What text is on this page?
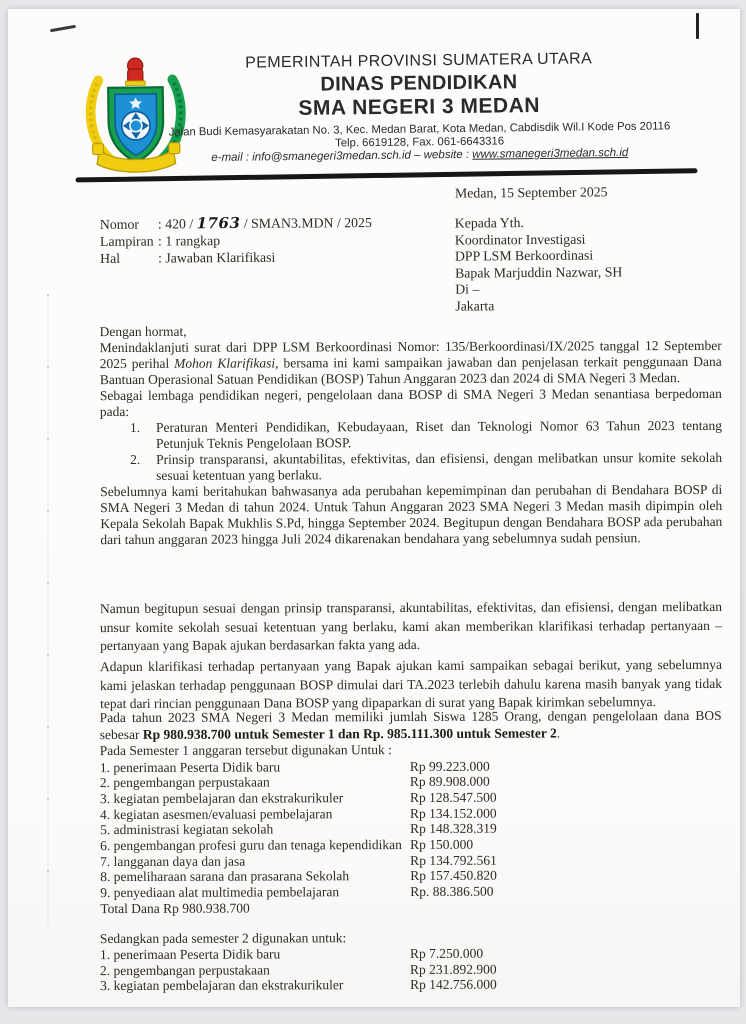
PEMERINTAH PROVINSI SUMATERA UTARA
DINAS PENDIDIKAN
SMA NEGERI 3 MEDAN
Jalan Budi Kemasyarakatan No. 3, Kec. Medan Barat, Kota Medan, Cabdisdik Wil.I Kode Pos 20116
Telp. 6619128, Fax. 061-6643316
e-mail : info@smanegeri3medan.sch.id – website : www.smanegeri3medan.sch.id
Medan, 15 September 2025
Nomor	: 420 / 1763 / SMAN3.MDN / 2025
Lampiran : 1 rangkap
Hal	: Jawaban Klarifikasi
Kepada Yth.
Koordinator Investigasi
DPP LSM Berkoordinasi
Bapak Marjuddin Nazwar, SH
Di –
Jakarta

Dengan hormat,

Menindaklanjuti surat dari DPP LSM Berkoordinasi Nomor: 135/Berkoordinasi/IX/2025 tanggal 12 September 2025 perihal Mohon Klarifikasi, bersama ini kami sampaikan jawaban dan penjelasan terkait penggunaan Dana Bantuan Operasional Satuan Pendidikan (BOSP) Tahun Anggaran 2023 dan 2024 di SMA Negeri 3 Medan.

Sebagai lembaga pendidikan negeri, pengelolaan dana BOSP di SMA Negeri 3 Medan senantiasa berpedoman pada:

1.	Peraturan Menteri Pendidikan, Kebudayaan, Riset dan Teknologi Nomor 63 Tahun 2023 tentang Petunjuk Teknis Pengelolaan BOSP.
2.	Prinsip transparansi, akuntabilitas, efektivitas, dan efisiensi, dengan melibatkan unsur komite sekolah sesuai ketentuan yang berlaku.

Sebelumnya kami beritahukan bahwasanya ada perubahan kepemimpinan dan perubahan di Bendahara BOSP di SMA Negeri 3 Medan di tahun 2024. Untuk Tahun Anggaran 2023 SMA Negeri 3 Medan masih dipimpin oleh Kepala Sekolah Bapak Mukhlis S.Pd, hingga September 2024. Begitupun dengan Bendahara BOSP ada perubahan dari tahun anggaran 2023 hingga Juli 2024 dikarenakan bendahara yang sebelumnya sudah pensiun.

Namun begitupun sesuai dengan prinsip transparansi, akuntabilitas, efektivitas, dan efisiensi, dengan melibatkan unsur komite sekolah sesuai ketentuan yang berlaku, kami akan memberikan klarifikasi terhadap pertanyaan – pertanyaan yang Bapak ajukan berdasarkan fakta yang ada.

Adapun klarifikasi terhadap pertanyaan yang Bapak ajukan kami sampaikan sebagai berikut, yang sebelumnya kami jelaskan terhadap penggunaan BOSP dimulai dari TA.2023 terlebih dahulu karena masih banyak yang tidak tepat dari rincian penggunaan Dana BOSP yang dipaparkan di surat yang Bapak kirimkan sebelumnya.

Pada tahun 2023 SMA Negeri 3 Medan memiliki jumlah Siswa 1285 Orang, dengan pengelolaan dana BOS sebesar Rp 980.938.700 untuk Semester 1 dan Rp. 985.111.300 untuk Semester 2.

Pada Semester 1 anggaran tersebut digunakan Untuk :

1. penerimaan Peserta Didik baru	Rp 99.223.000
2. pengembangan perpustakaan	Rp 89.908.000
3. kegiatan pembelajaran dan ekstrakurikuler	Rp 128.547.500
4. kegiatan asesmen/evaluasi pembelajaran	Rp 134.152.000
5. administrasi kegiatan sekolah	Rp 148.328.319
6. pengembangan profesi guru dan tenaga kependidikan Rp 150.000
7. langganan daya dan jasa	Rp 134.792.561
8. pemeliharaan sarana dan prasarana Sekolah	Rp 157.450.820
9. penyediaan alat multimedia pembelajaran	Rp. 88.386.500
Total Dana Rp 980.938.700

Sedangkan pada semester 2 digunakan untuk:

1. penerimaan Peserta Didik baru	Rp 7.250.000
2. pengembangan perpustakaan	Rp 231.892.900
3. kegiatan pembelajaran dan ekstrakurikuler	Rp 142.756.000
